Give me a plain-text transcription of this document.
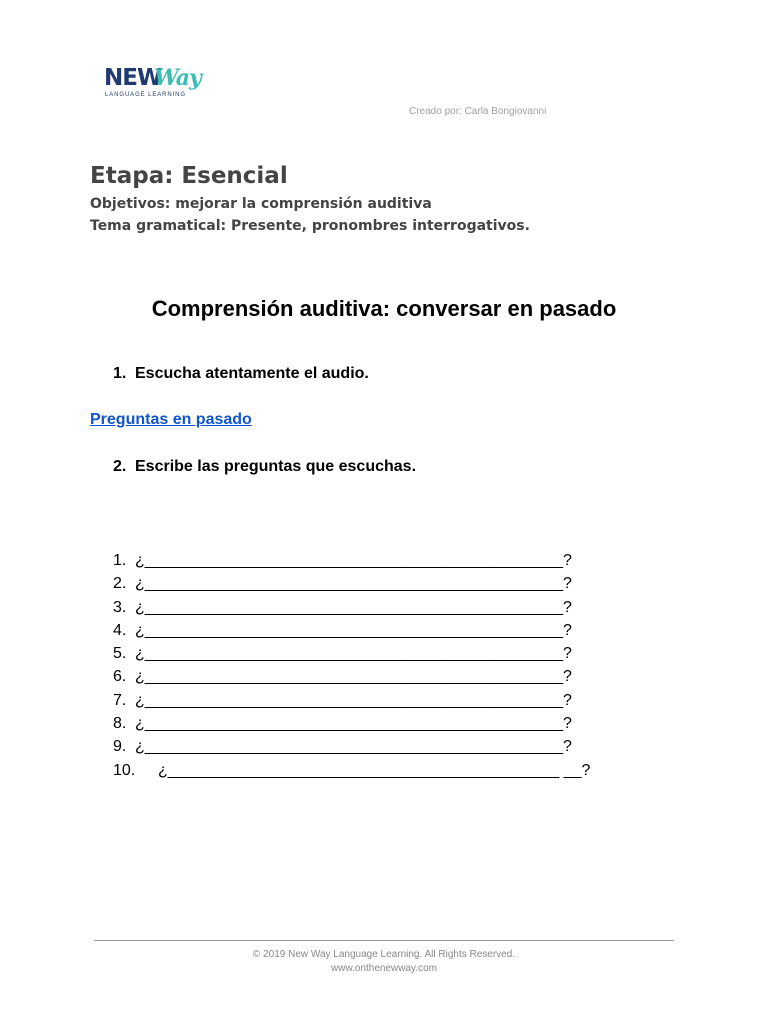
NEW
Way
LANGUAGE LEARNING
Creado por: Carla Bongiovanni
Etapa: Esencial
Objetivos: mejorar la comprensión auditiva
Tema gramatical: Presente, pronombres interrogativos.
Comprensión auditiva: conversar en pasado
1. Escucha atentamente el audio.
Preguntas en pasado
2. Escribe las preguntas que escuchas.
1. ¿_______________________________________________?
2. ¿_______________________________________________?
3. ¿_______________________________________________?
4. ¿_______________________________________________?
5. ¿_______________________________________________?
6. ¿_______________________________________________?
7. ¿_______________________________________________?
8. ¿_______________________________________________?
9. ¿_______________________________________________?
10. ¿____________________________________________ __?
© 2019 New Way Language Learning. All Rights Reserved.
www.onthenewway.com
